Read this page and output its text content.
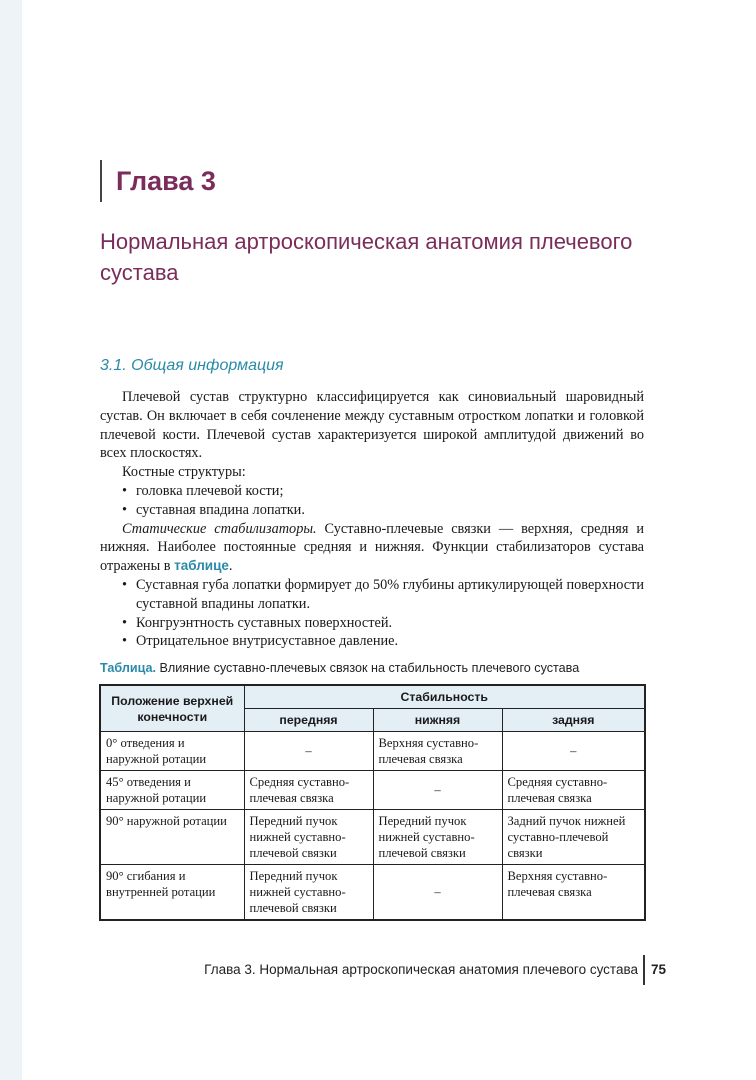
Глава 3
Нормальная артроскопическая анатомия плечевого сустава
3.1. Общая информация

Плечевой сустав структурно классифицируется как синовиальный шаровидный сустав. Он включает в себя сочленение между суставным отростком лопатки и головкой плечевой кости. Плечевой сустав характеризуется широкой амплитудой движений во всех плоскостях.

Костные структуры:

• головка плечевой кости;
• суставная впадина лопатки.

Статические стабилизаторы. Суставно-плечевые связки — верхняя, средняя и нижняя. Наиболее постоянные средняя и нижняя. Функции стабилизаторов сустава отражены в таблице.

• Суставная губа лопатки формирует до 50% глубины артикулирующей поверхности суставной впадины лопатки.
• Конгруэнтность суставных поверхностей.
• Отрицательное внутрисуставное давление.
Таблица. Влияние суставно-плечевых связок на стабильность плечевого сустава
Положение верхней конечности	Стабильность		
	передняя	нижняя	задняя
0° отведения и наружной ротации	–	Верхняя суставно-плечевая связка	–
45° отведения и наружной ротации	Средняя суставно-плечевая связка	–	Средняя суставно-плечевая связка
90° наружной ротации	Передний пучок нижней суставно-плечевой связки	Передний пучок нижней суставно-плечевой связки	Задний пучок нижней суставно-плечевой связки
90° сгибания и внутренней ротации	Передний пучок нижней суставно-плечевой связки	–	Верхняя суставно-плечевая связка
Глава 3. Нормальная артроскопическая анатомия плечевого сустава 75
